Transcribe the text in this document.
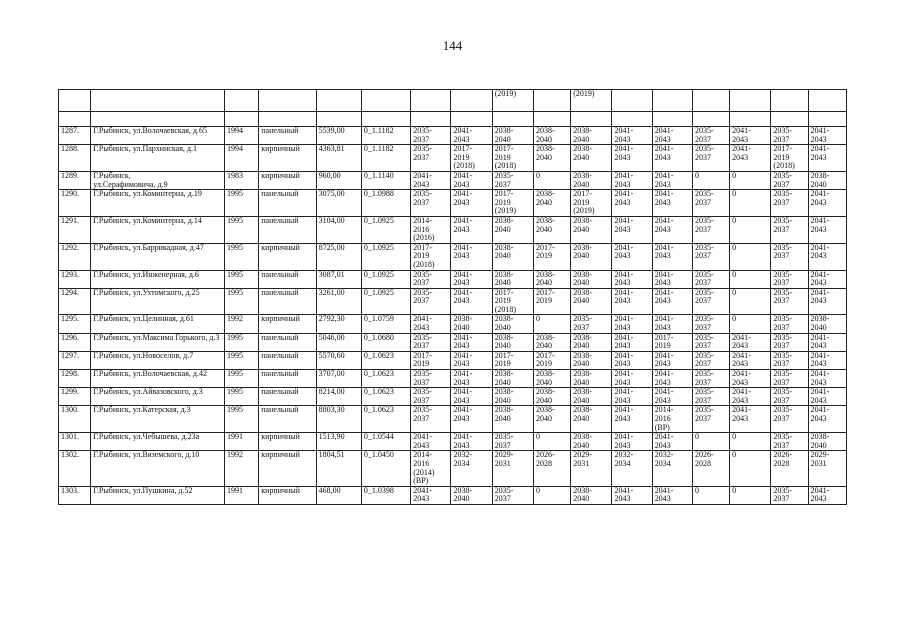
144
								(2019)		(2019)						

1287.	Г.Рыбинск, ул.Волочаевская, д.65	1994	панельный	5539,00	0_1.1182	2035-
2037	2041-
2043	2038-
2040	2038-
2040	2038-
2040	2041-
2043	2041-
2043	2035-
2037	2041-
2043	2035-
2037	2041-
2043
1288.	Г.Рыбинск, ул.Пархинская, д.1	1994	кирпичный	4363,81	0_1.1182	2035-
2037	2017-
2019
(2018)	2017-
2019
(2018)	2038-
2040	2038-
2040	2041-
2043	2041-
2043	2035-
2037	2041-
2043	2017-
2019
(2018)	2041-
2043
1289.	Г.Рыбинск,
ул.Серафимовича, д.9	1983	кирпичный	960,00	0_1.1140	2041-
2043	2041-
2043	2035-
2037	0	2038-
2040	2041-
2043	2041-
2043	0	0	2035-
2037	2038-
2040
1290.	Г.Рыбинск, ул.Коминтерна, д.19	1995	панельный	3075,00	0_1.0988	2035-
2037	2041-
2043	2017-
2019
(2019)	2038-
2040	2017-
2019
(2019)	2041-
2043	2041-
2043	2035-
2037	0	2035-
2037	2041-
2043
1291.	Г.Рыбинск, ул.Коминтерна, д.14	1995	панельный	3104,00	0_1.0925	2014-
2016
(2016)	2041-
2043	2038-
2040	2038-
2040	2038-
2040	2041-
2043	2041-
2043	2035-
2037	0	2035-
2037	2041-
2043
1292.	Г.Рыбинск, ул.Баррикадная, д.47	1995	кирпичный	8725,00	0_1.0925	2017-
2019
(2018)	2041-
2043	2038-
2040	2017-
2019	2038-
2040	2041-
2043	2041-
2043	2035-
2037	0	2035-
2037	2041-
2043
1293.	Г.Рыбинск, ул.Инженерная, д.6	1995	панельный	3087,01	0_1.0925	2035-
2037	2041-
2043	2038-
2040	2038-
2040	2038-
2040	2041-
2043	2041-
2043	2035-
2037	0	2035-
2037	2041-
2043
1294.	Г.Рыбинск, ул.Ухтомского, д.25	1995	панельный	3261,00	0_1.0925	2035-
2037	2041-
2043	2017-
2019
(2018)	2017-
2019	2038-
2040	2041-
2043	2041-
2043	2035-
2037	0	2035-
2037	2041-
2043
1295.	Г.Рыбинск, ул.Целинная, д.61	1992	кирпичный	2792,30	0_1.0759	2041-
2043	2038-
2040	2038-
2040	0	2035-
2037	2041-
2043	2041-
2043	2035-
2037	0	2035-
2037	2038-
2040
1296.	Г.Рыбинск, ул.Максима Горького, д.3	1995	панельный	5046,00	0_1.0680	2035-
2037	2041-
2043	2038-
2040	2038-
2040	2038-
2040	2041-
2043	2017-
2019	2035-
2037	2041-
2043	2035-
2037	2041-
2043
1297.	Г.Рыбинск, ул.Новоселов, д.7	1995	панельный	5570,60	0_1.0623	2017-
2019	2041-
2043	2017-
2019	2017-
2019	2038-
2040	2041-
2043	2041-
2043	2035-
2037	2041-
2043	2035-
2037	2041-
2043
1298.	Г.Рыбинск, ул.Волочаевская, д.42	1995	панельный	3707,00	0_1.0623	2035-
2037	2041-
2043	2038-
2040	2038-
2040	2038-
2040	2041-
2043	2041-
2043	2035-
2037	2041-
2043	2035-
2037	2041-
2043
1299.	Г.Рыбинск, ул.Айвазовского, д.3	1995	панельный	8214,00	0_1.0623	2035-
2037	2041-
2043	2038-
2040	2038-
2040	2038-
2040	2041-
2043	2041-
2043	2035-
2037	2041-
2043	2035-
2037	2041-
2043
1300.	Г.Рыбинск, ул.Катерская, д.3	1995	панельный	8803,30	0_1.0623	2035-
2037	2041-
2043	2038-
2040	2038-
2040	2038-
2040	2041-
2043	2014-
2016
(ВР)	2035-
2037	2041-
2043	2035-
2037	2041-
2043
1301.	Г.Рыбинск, ул.Чебышева, д.23а	1991	кирпичный	1513,90	0_1.0544	2041-
2043	2041-
2043	2035-
2037	0	2038-
2040	2041-
2043	2041-
2043	0	0	2035-
2037	2038-
2040
1302.	Г.Рыбинск, ул.Вяземского, д.10	1992	кирпичный	1804,51	0_1.0450	2014-
2016
(2014)
(ВР)	2032-
2034	2029-
2031	2026-
2028	2029-
2031	2032-
2034	2032-
2034	2026-
2028	0	2026-
2028	2029-
2031
1303.	Г.Рыбинск, ул.Пушкина, д.52	1991	кирпичный	468,00	0_1.0398	2041-
2043	2038-
2040	2035-
2037	0	2038-
2040	2041-
2043	2041-
2043	0	0	2035-
2037	2041-
2043
